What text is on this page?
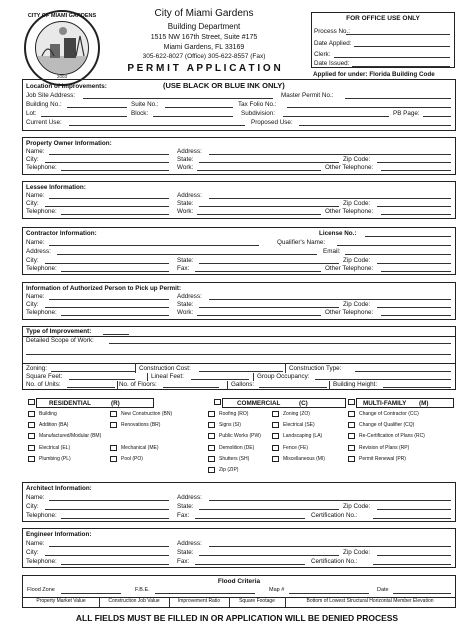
CITY OF MIAMI GARDENS
2003
City of Miami Gardens
Building Department
1515 NW 167th Street, Suite #175
Miami Gardens, FL 33169
305-622-8027 (Office) 305-622-8557 (Fax)
P E R M I T   A P P L I C A T I O N
FOR OFFICE USE ONLY
Process No.:
Date Applied:
Clerk:
Date Issued:
Applied for under: Florida Building Code
Location of Improvements:	(USE BLACK OR BLUE INK ONLY)
Job Site Address:	Master Permit No.:
Building No.:	Suite No.:	Tax Folio No.:
Lot:	Block:	Subdivision:	PB Page:
Current Use:	Proposed Use:
Property Owner Information:
Name:	Address:
City:	State:	Zip Code:
Telephone:	Work:	Other Telephone:
Lessee Information:
Name:	Address:
City:	State:	Zip Code:
Telephone:	Work:	Other Telephone:
Contractor Information:	License No.:
Name:	Qualifier's Name:
Address:	Email:
City:	State:	Zip Code:
Telephone:	Fax:	Other Telephone:
Information of Authorized Person to Pick up Permit:
Name:	Address:
City:	State:	Zip Code:
Telephone:	Work:	Other Telephone:
Type of Improvement:
Detailed Scope of Work:
Zoning:	Construction Cost:	Construction Type:
Square Feet:	Lineal Feet:	Group Occupancy:
No. of Units:	No. of Floors:	Gallons:	Building Height:
RESIDENTIAL	(R)	COMMERCIAL	(C)	MULTI-FAMILY (M)
Building
Addition (BA)
Manufactured/Modular (BM)
Electrical (EL)
Plumbing (PL)
New Construction (BN)
Renovations (BR)
Mechanical (ME)
Pool (PO)
Roofing (RO)
Signs (SI)
Public Works (PW)
Demolition (DE)
Shutters (SH)
Zip (ZIP)
Zoning (ZO)
Electrical (SE)
Landscaping (LA)
Fence (FE)
Miscellaneous (MI)
Change of Contractor (CC)
Change of Qualifier (CQ)
Re-Certification of Plans (RC)
Revision of Plans (RP)
Permit Renewal (PR)
Architect Information:
Name:	Address:
City:	State:	Zip Code:
Telephone:	Fax:	Certification No.:
Engineer Information:
Name:	Address:
City:	State:	Zip Code:
Telephone:	Fax:	Certification No.:
Flood Criteria
Flood Zone	F.B.E.	Map #	Date
Property Market Value	Construction Job Value	Improvement Ratio	Square Footage	Bottom of Lowest Structural Horizontal Member Elevation
ALL FIELDS MUST BE FILLED IN OR APPLICATION WILL BE DENIED PROCESS
